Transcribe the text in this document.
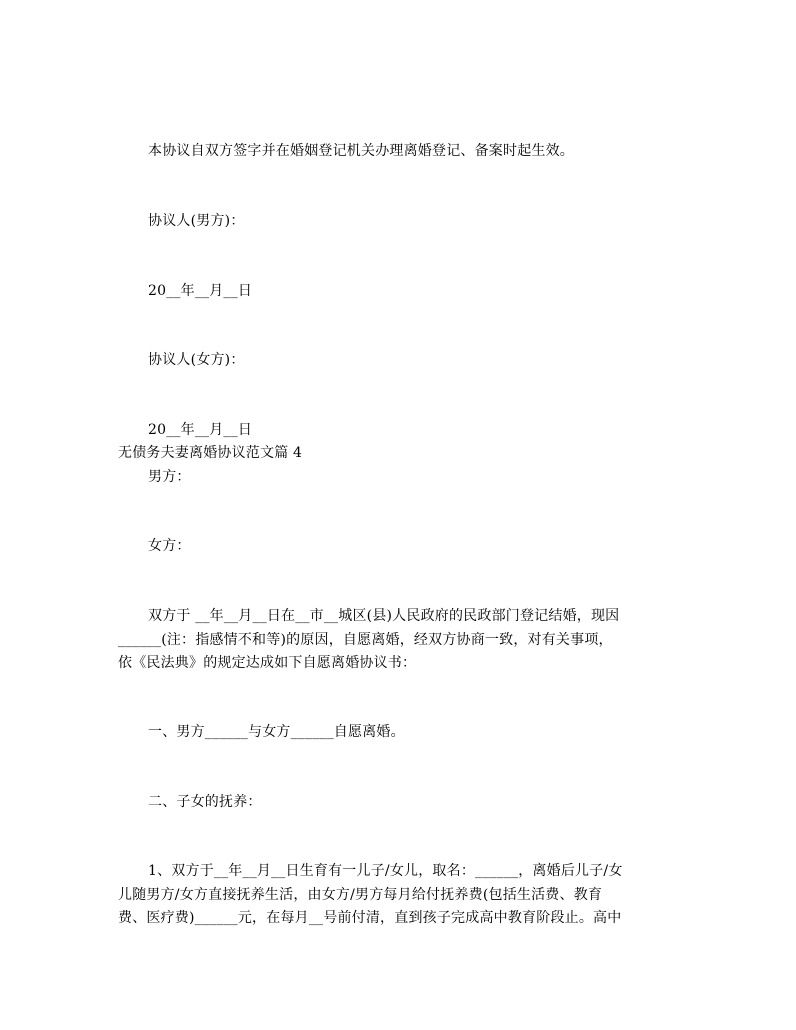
本协议自双方签字并在婚姻登记机关办理离婚登记、备案时起生效。
协议人(男方)：
20__年__月__日
协议人(女方)：
20__年__月__日
无债务夫妻离婚协议范文篇 4
男方：
女方：
双方于 __年__月__日在__市__城区(县)人民政府的民政部门登记结婚，现因
______(注：指感情不和等)的原因，自愿离婚，经双方协商一致，对有关事项，
依《民法典》的规定达成如下自愿离婚协议书：
一、男方______与女方______自愿离婚。
二、子女的抚养：
1、双方于__年__月__日生育有一儿子/女儿，取名：______，离婚后儿子/女
儿随男方/女方直接抚养生活，由女方/男方每月给付抚养费(包括生活费、教育
费、医疗费)______元，在每月__号前付清，直到孩子完成高中教育阶段止。高中
